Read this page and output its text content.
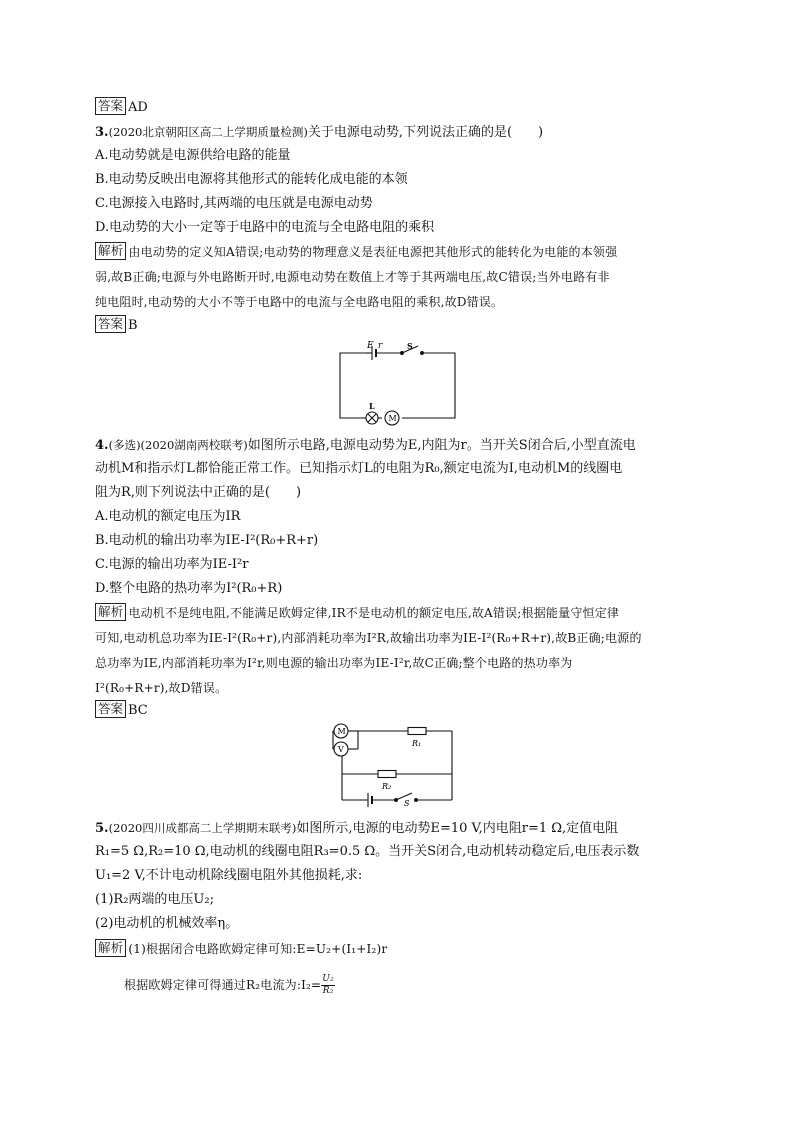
答案 AD
3.(2020北京朝阳区高二上学期质量检测)关于电源电动势,下列说法正确的是(　　)
A.电动势就是电源供给电路的能量
B.电动势反映出电源将其他形式的能转化成电能的本领
C.电源接入电路时,其两端的电压就是电源电动势
D.电动势的大小一定等于电路中的电流与全电路电阻的乘积
解析 由电动势的定义知A错误;电动势的物理意义是表征电源把其他形式的能转化为电能的本领强
弱,故B正确;电源与外电路断开时,电源电动势在数值上才等于其两端电压,故C错误;当外电路有非
纯电阻时,电动势的大小不等于电路中的电流与全电路电阻的乘积,故D错误。
答案 B
E r	S
L
M
4.(多选)(2020湖南两校联考)如图所示电路,电源电动势为E,内阻为r。当开关S闭合后,小型直流电
动机M和指示灯L都恰能正常工作。已知指示灯L的电阻为R₀,额定电流为I,电动机M的线圈电
阻为R,则下列说法中正确的是(　　)
A.电动机的额定电压为IR
B.电动机的输出功率为IE-I²(R₀+R+r)
C.电源的输出功率为IE-I²r
D.整个电路的热功率为I²(R₀+R)
解析 电动机不是纯电阻,不能满足欧姆定律,IR不是电动机的额定电压,故A错误;根据能量守恒定律
可知,电动机总功率为IE-I²(R₀+r),内部消耗功率为I²R,故输出功率为IE-I²(R₀+R+r),故B正确;电源的
总功率为IE,内部消耗功率为I²r,则电源的输出功率为IE-I²r,故C正确;整个电路的热功率为
I²(R₀+R+r),故D错误。
答案 BC
M
V
R₁
R₂
S
5.(2020四川成都高二上学期期末联考)如图所示,电源的电动势E=10 V,内电阻r=1 Ω,定值电阻
R₁=5 Ω,R₂=10 Ω,电动机的线圈电阻R₃=0.5 Ω。当开关S闭合,电动机转动稳定后,电压表示数
U₁=2 V,不计电动机除线圈电阻外其他损耗,求:
(1)R₂两端的电压U₂;
(2)电动机的机械效率η。
解析 (1)根据闭合电路欧姆定律可知:E=U₂+(I₁+I₂)r
根据欧姆定律可得通过R₂电流为:I₂= $\frac{\text{U₂}}{\text{R₂}}$
